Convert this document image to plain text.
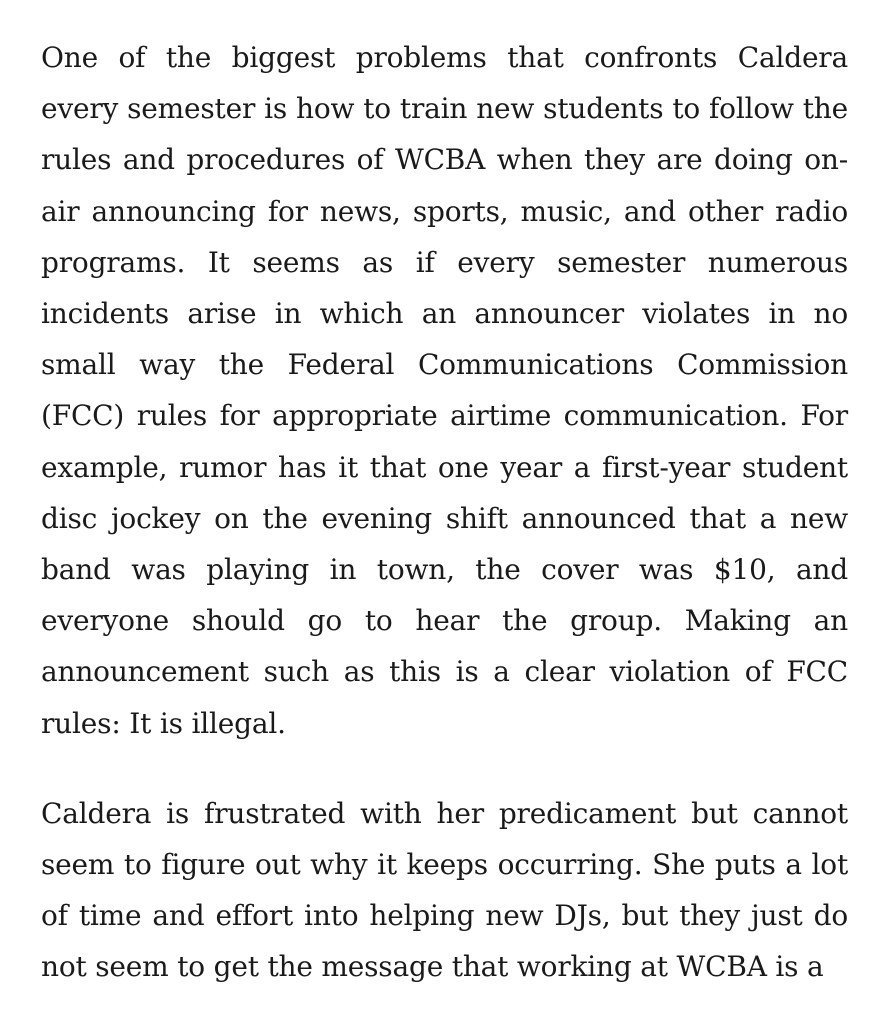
One of the biggest problems that confronts Caldera every semester is how to train new students to follow the rules and procedures of WCBA when they are doing on-air announcing for news, sports, music, and other radio programs. It seems as if every semester numerous incidents arise in which an announcer violates in no small way the Federal Communications Commission (FCC) rules for appropriate airtime communication. For example, rumor has it that one year a first-year student disc jockey on the evening shift announced that a new band was playing in town, the cover was $10, and everyone should go to hear the group. Making an announcement such as this is a clear violation of FCC rules: It is illegal.

Caldera is frustrated with her predicament but cannot seem to figure out why it keeps occurring. She puts a lot of time and effort into helping new DJs, but they just do not seem to get the message that working at WCBA is a
